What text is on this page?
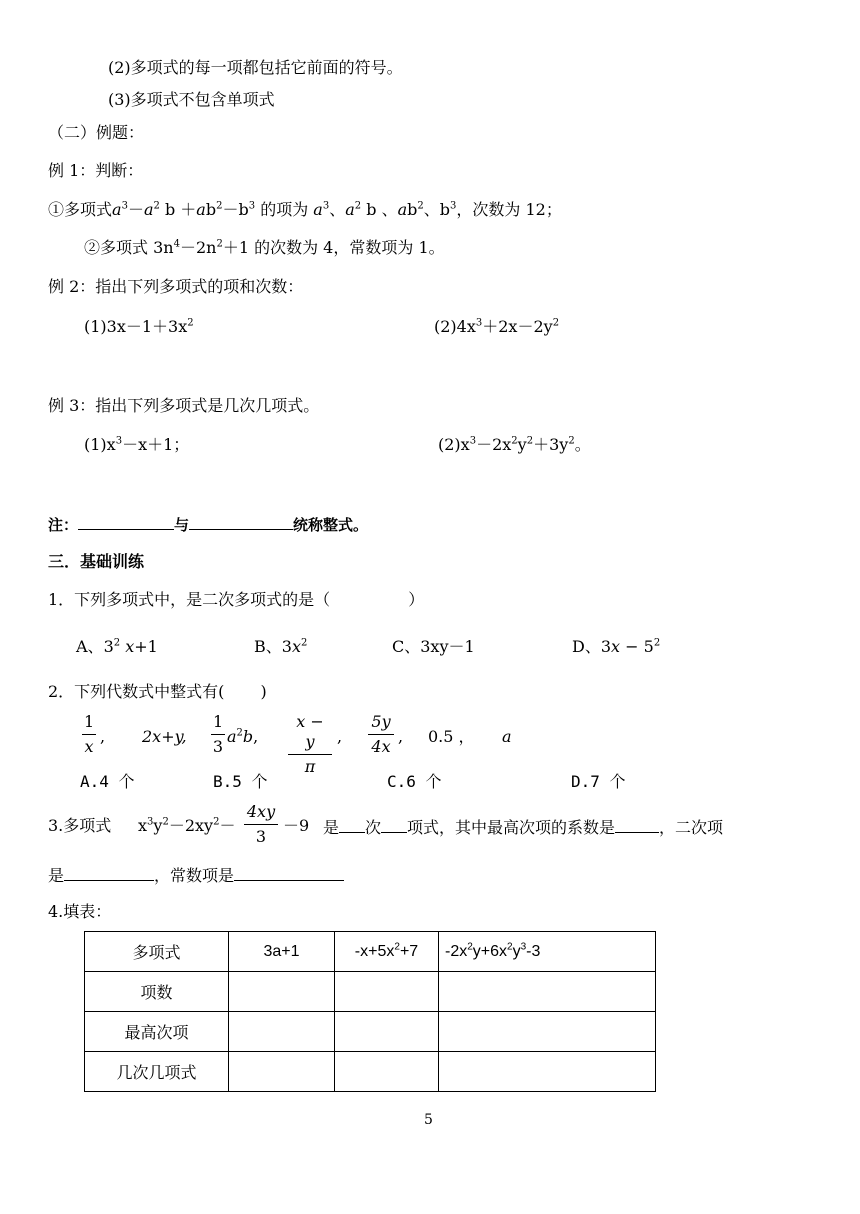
(2)多项式的每一项都包括它前面的符号。
(3)多项式不包含单项式
（二）例题：
例 1：判断：
①多项式$a^3-a^2$ $b +ab^2-b^3$ 的项为 $a^3$、$a^2$ b 、$ab^2$、$b^3$，次数为 12；
②多项式 $3n^4-2n^2+1$ 的次数为 4，常数项为 1。
例 2：指出下列多项式的项和次数：
$(1)3x-1+3x^2$	$(2)4x^3+2x-2y^2$
例 3：指出下列多项式是几次几项式。
$(1)x^3-x+1$；	$(2)x^3-2x^2y^2+3y^2$。
注：	与	统称整式。
三．基础训练
1．下列多项式中，是二次多项式的是（	）
A、$3^2$ x+1	B、$3x^2$	C、3xy－1	D、$3x - 5^2$
2．下列代数式中整式有( )
$\frac{1}{x}$ , 2x+y, $\frac{1}{3} a^2b$, $\frac{x - y}{\pi}$ , $\frac{5y}{4x}$ , 0.5 ， a
A.4 个	B.5 个	C.6 个	D.7 个
3.多项式 $x^3y^2-2xy^2- \frac{4xy}{3} -9$ 是 次 项式，其中最高次项的系数是	，二次项
是	，常数项是
4.填表：
多项式	3a+1	$-x+5x^2+7$	$-2x^2y+6x^2y^3-3$
项数			
最高次项			
几次几项式			
5
